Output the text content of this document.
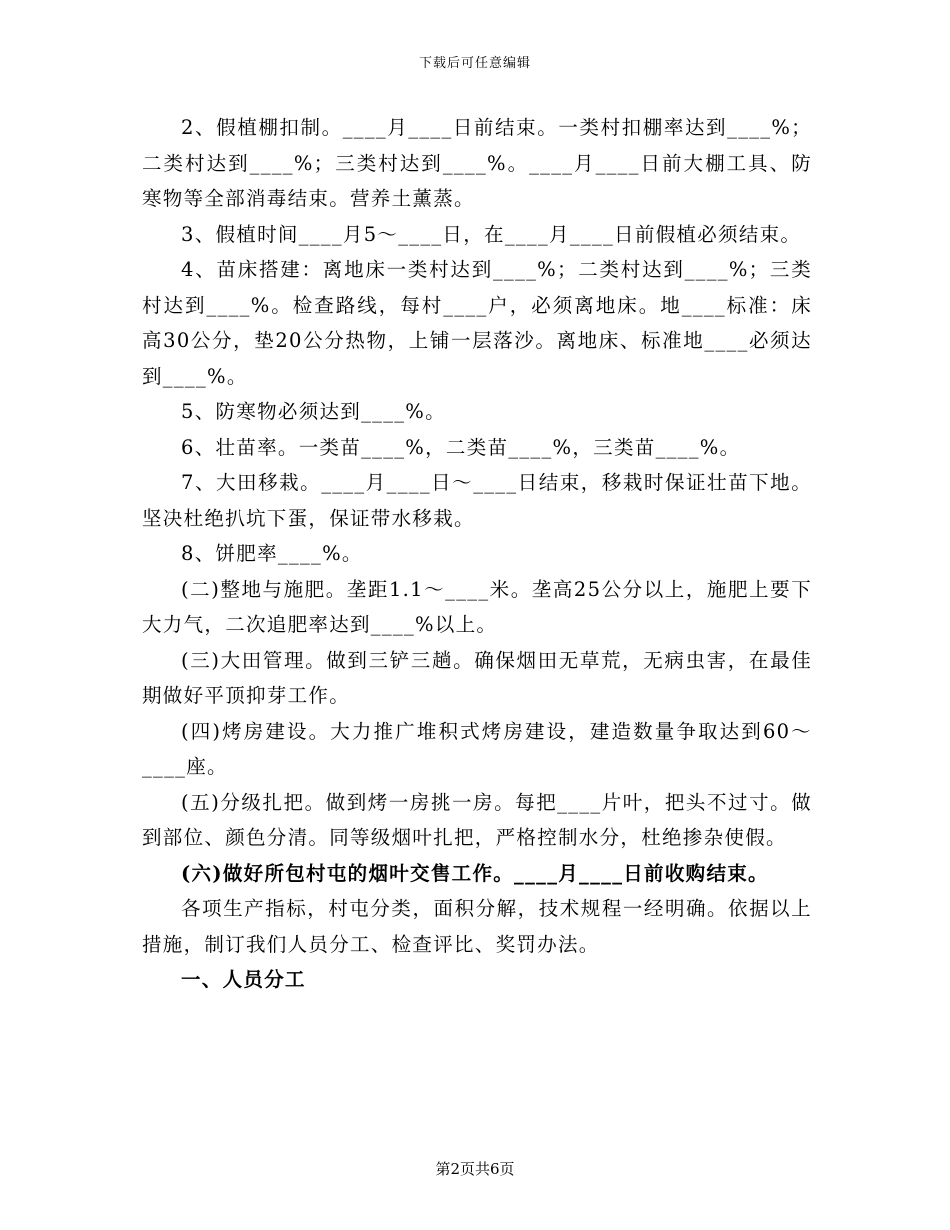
下载后可任意编辑

2、假植棚扣制。____月____日前结束。一类村扣棚率达到____%；二类村达到____%；三类村达到____%。____月____日前大棚工具、防寒物等全部消毒结束。营养土薰蒸。

3、假植时间____月5～____日，在____月____日前假植必须结束。

4、苗床搭建：离地床一类村达到____%；二类村达到____%；三类村达到____%。检查路线，每村____户，必须离地床。地____标准：床高30公分，垫20公分热物，上铺一层落沙。离地床、标准地____必须达到____%。

5、防寒物必须达到____%。

6、壮苗率。一类苗____%，二类苗____%，三类苗____%。

7、大田移栽。____月____日～____日结束，移栽时保证壮苗下地。坚决杜绝扒坑下蛋，保证带水移栽。

8、饼肥率____%。

(二)整地与施肥。垄距1.1～____米。垄高25公分以上，施肥上要下大力气，二次追肥率达到____%以上。

(三)大田管理。做到三铲三趟。确保烟田无草荒，无病虫害，在最佳期做好平顶抑芽工作。

(四)烤房建设。大力推广堆积式烤房建设，建造数量争取达到60～____座。

(五)分级扎把。做到烤一房挑一房。每把____片叶，把头不过寸。做到部位、颜色分清。同等级烟叶扎把，严格控制水分，杜绝掺杂使假。

(六)做好所包村屯的烟叶交售工作。____月____日前收购结束。

各项生产指标，村屯分类，面积分解，技术规程一经明确。依据以上措施，制订我们人员分工、检查评比、奖罚办法。

一、人员分工

第2页共6页
